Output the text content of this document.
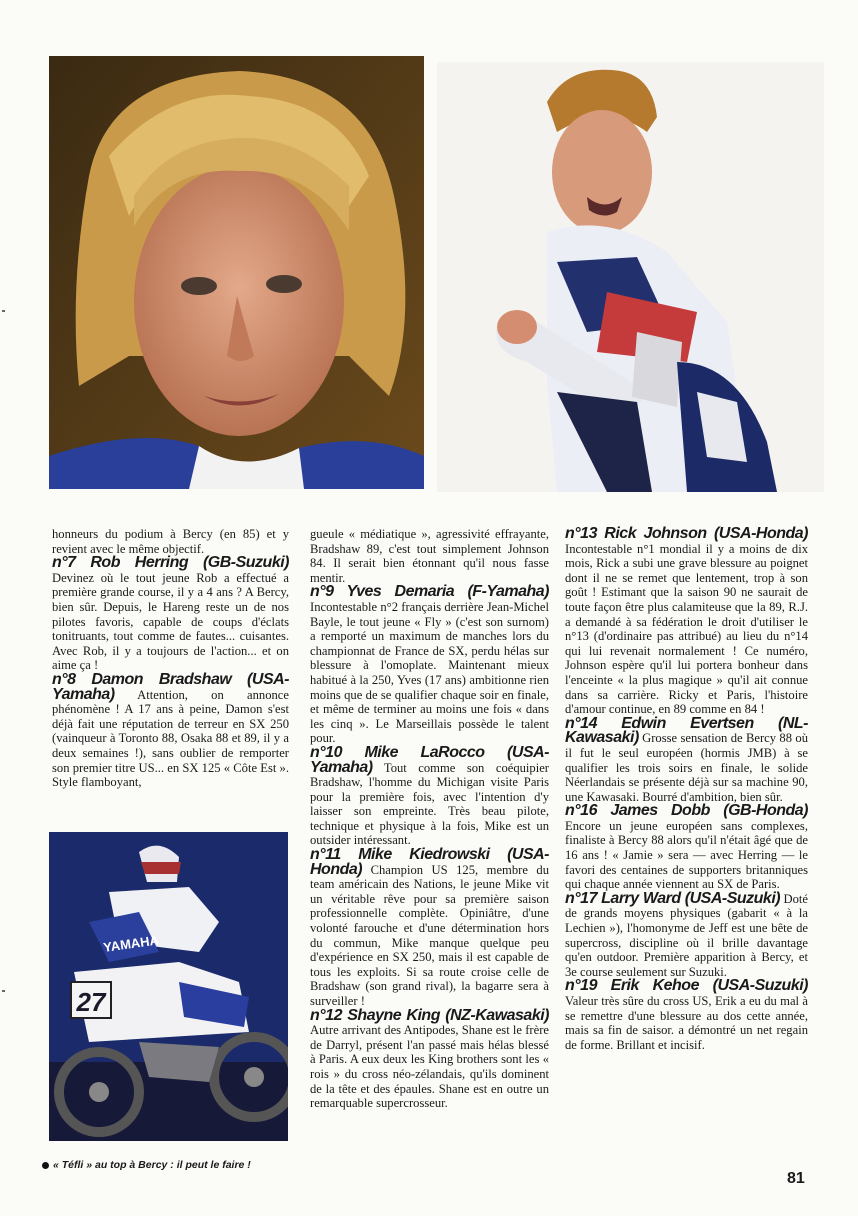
27
YAMAHA
« Téfli » au top à Bercy : il peut le faire !

honneurs du podium à Bercy (en 85) et y revient avec le même objectif.

n°7 Rob Herring (GB-Suzuki) Devinez où le tout jeune Rob a effectué a première grande course, il y a 4 ans ? A Bercy, bien sûr. Depuis, le Hareng reste un de nos pilotes favoris, capable de coups d'éclats tonitruants, tout comme de fautes... cuisantes. Avec Rob, il y a toujours de l'action... et on aime ça !

n°8 Damon Bradshaw (USA-Yamaha) Attention, on annonce phénomène ! A 17 ans à peine, Damon s'est déjà fait une réputation de terreur en SX 250 (vainqueur à Toronto 88, Osaka 88 et 89, il y a deux semaines !), sans oublier de remporter son premier titre US... en SX 125 « Côte Est ». Style flamboyant,

gueule « médiatique », agressivité effrayante, Bradshaw 89, c'est tout simplement Johnson 84. Il serait bien étonnant qu'il nous fasse mentir.

n°9 Yves Demaria (F-Yamaha) Incontestable n°2 français derrière Jean-Michel Bayle, le tout jeune « Fly » (c'est son surnom) a remporté un maximum de manches lors du championnat de France de SX, perdu hélas sur blessure à l'omoplate. Maintenant mieux habitué à la 250, Yves (17 ans) ambitionne rien moins que de se qualifier chaque soir en finale, et même de terminer au moins une fois « dans les cinq ». Le Marseillais possède le talent pour.

n°10 Mike LaRocco (USA-Yamaha) Tout comme son coéquipier Bradshaw, l'homme du Michigan visite Paris pour la première fois, avec l'intention d'y laisser son empreinte. Très beau pilote, technique et physique à la fois, Mike est un outsider intéressant.

n°11 Mike Kiedrowski (USA-Honda) Champion US 125, membre du team américain des Nations, le jeune Mike vit un véritable rêve pour sa première saison professionnelle complète. Opiniâtre, d'une volonté farouche et d'une détermination hors du commun, Mike manque quelque peu d'expérience en SX 250, mais il est capable de tous les exploits. Si sa route croise celle de Bradshaw (son grand rival), la bagarre sera à surveiller !

n°12 Shayne King (NZ-Kawasaki) Autre arrivant des Antipodes, Shane est le frère de Darryl, présent l'an passé mais hélas blessé à Paris. A eux deux les King brothers sont les « rois » du cross néo-zélandais, qu'ils dominent de la tête et des épaules. Shane est en outre un remarquable supercrosseur.

n°13 Rick Johnson (USA-Honda) Incontestable n°1 mondial il y a moins de dix mois, Rick a subi une grave blessure au poignet dont il ne se remet que lentement, trop à son goût ! Estimant que la saison 90 ne saurait de toute façon être plus calamiteuse que la 89, R.J. a demandé à sa fédération le droit d'utiliser le n°13 (d'ordinaire pas attribué) au lieu du n°14 qui lui revenait normalement ! Ce numéro, Johnson espère qu'il lui portera bonheur dans l'enceinte « la plus magique » qu'il ait connue dans sa carrière. Ricky et Paris, l'histoire d'amour continue, en 89 comme en 84 !

n°14 Edwin Evertsen (NL-Kawasaki) Grosse sensation de Bercy 88 où il fut le seul européen (hormis JMB) à se qualifier les trois soirs en finale, le solide Néerlandais se présente déjà sur sa machine 90, une Kawasaki. Bourré d'ambition, bien sûr.

n°16 James Dobb (GB-Honda) Encore un jeune européen sans complexes, finaliste à Bercy 88 alors qu'il n'était âgé que de 16 ans ! « Jamie » sera — avec Herring — le favori des centaines de supporters britanniques qui chaque année viennent au SX de Paris.

n°17 Larry Ward (USA-Suzuki) Doté de grands moyens physiques (gabarit « à la Lechien »), l'homonyme de Jeff est une bête de supercross, discipline où il brille davantage qu'en outdoor. Première apparition à Bercy, et 3e course seulement sur Suzuki.

n°19 Erik Kehoe (USA-Suzuki) Valeur très sûre du cross US, Erik a eu du mal à se remettre d'une blessure au dos cette année, mais sa fin de saisor. a démontré un net regain de forme. Brillant et incisif.

81
